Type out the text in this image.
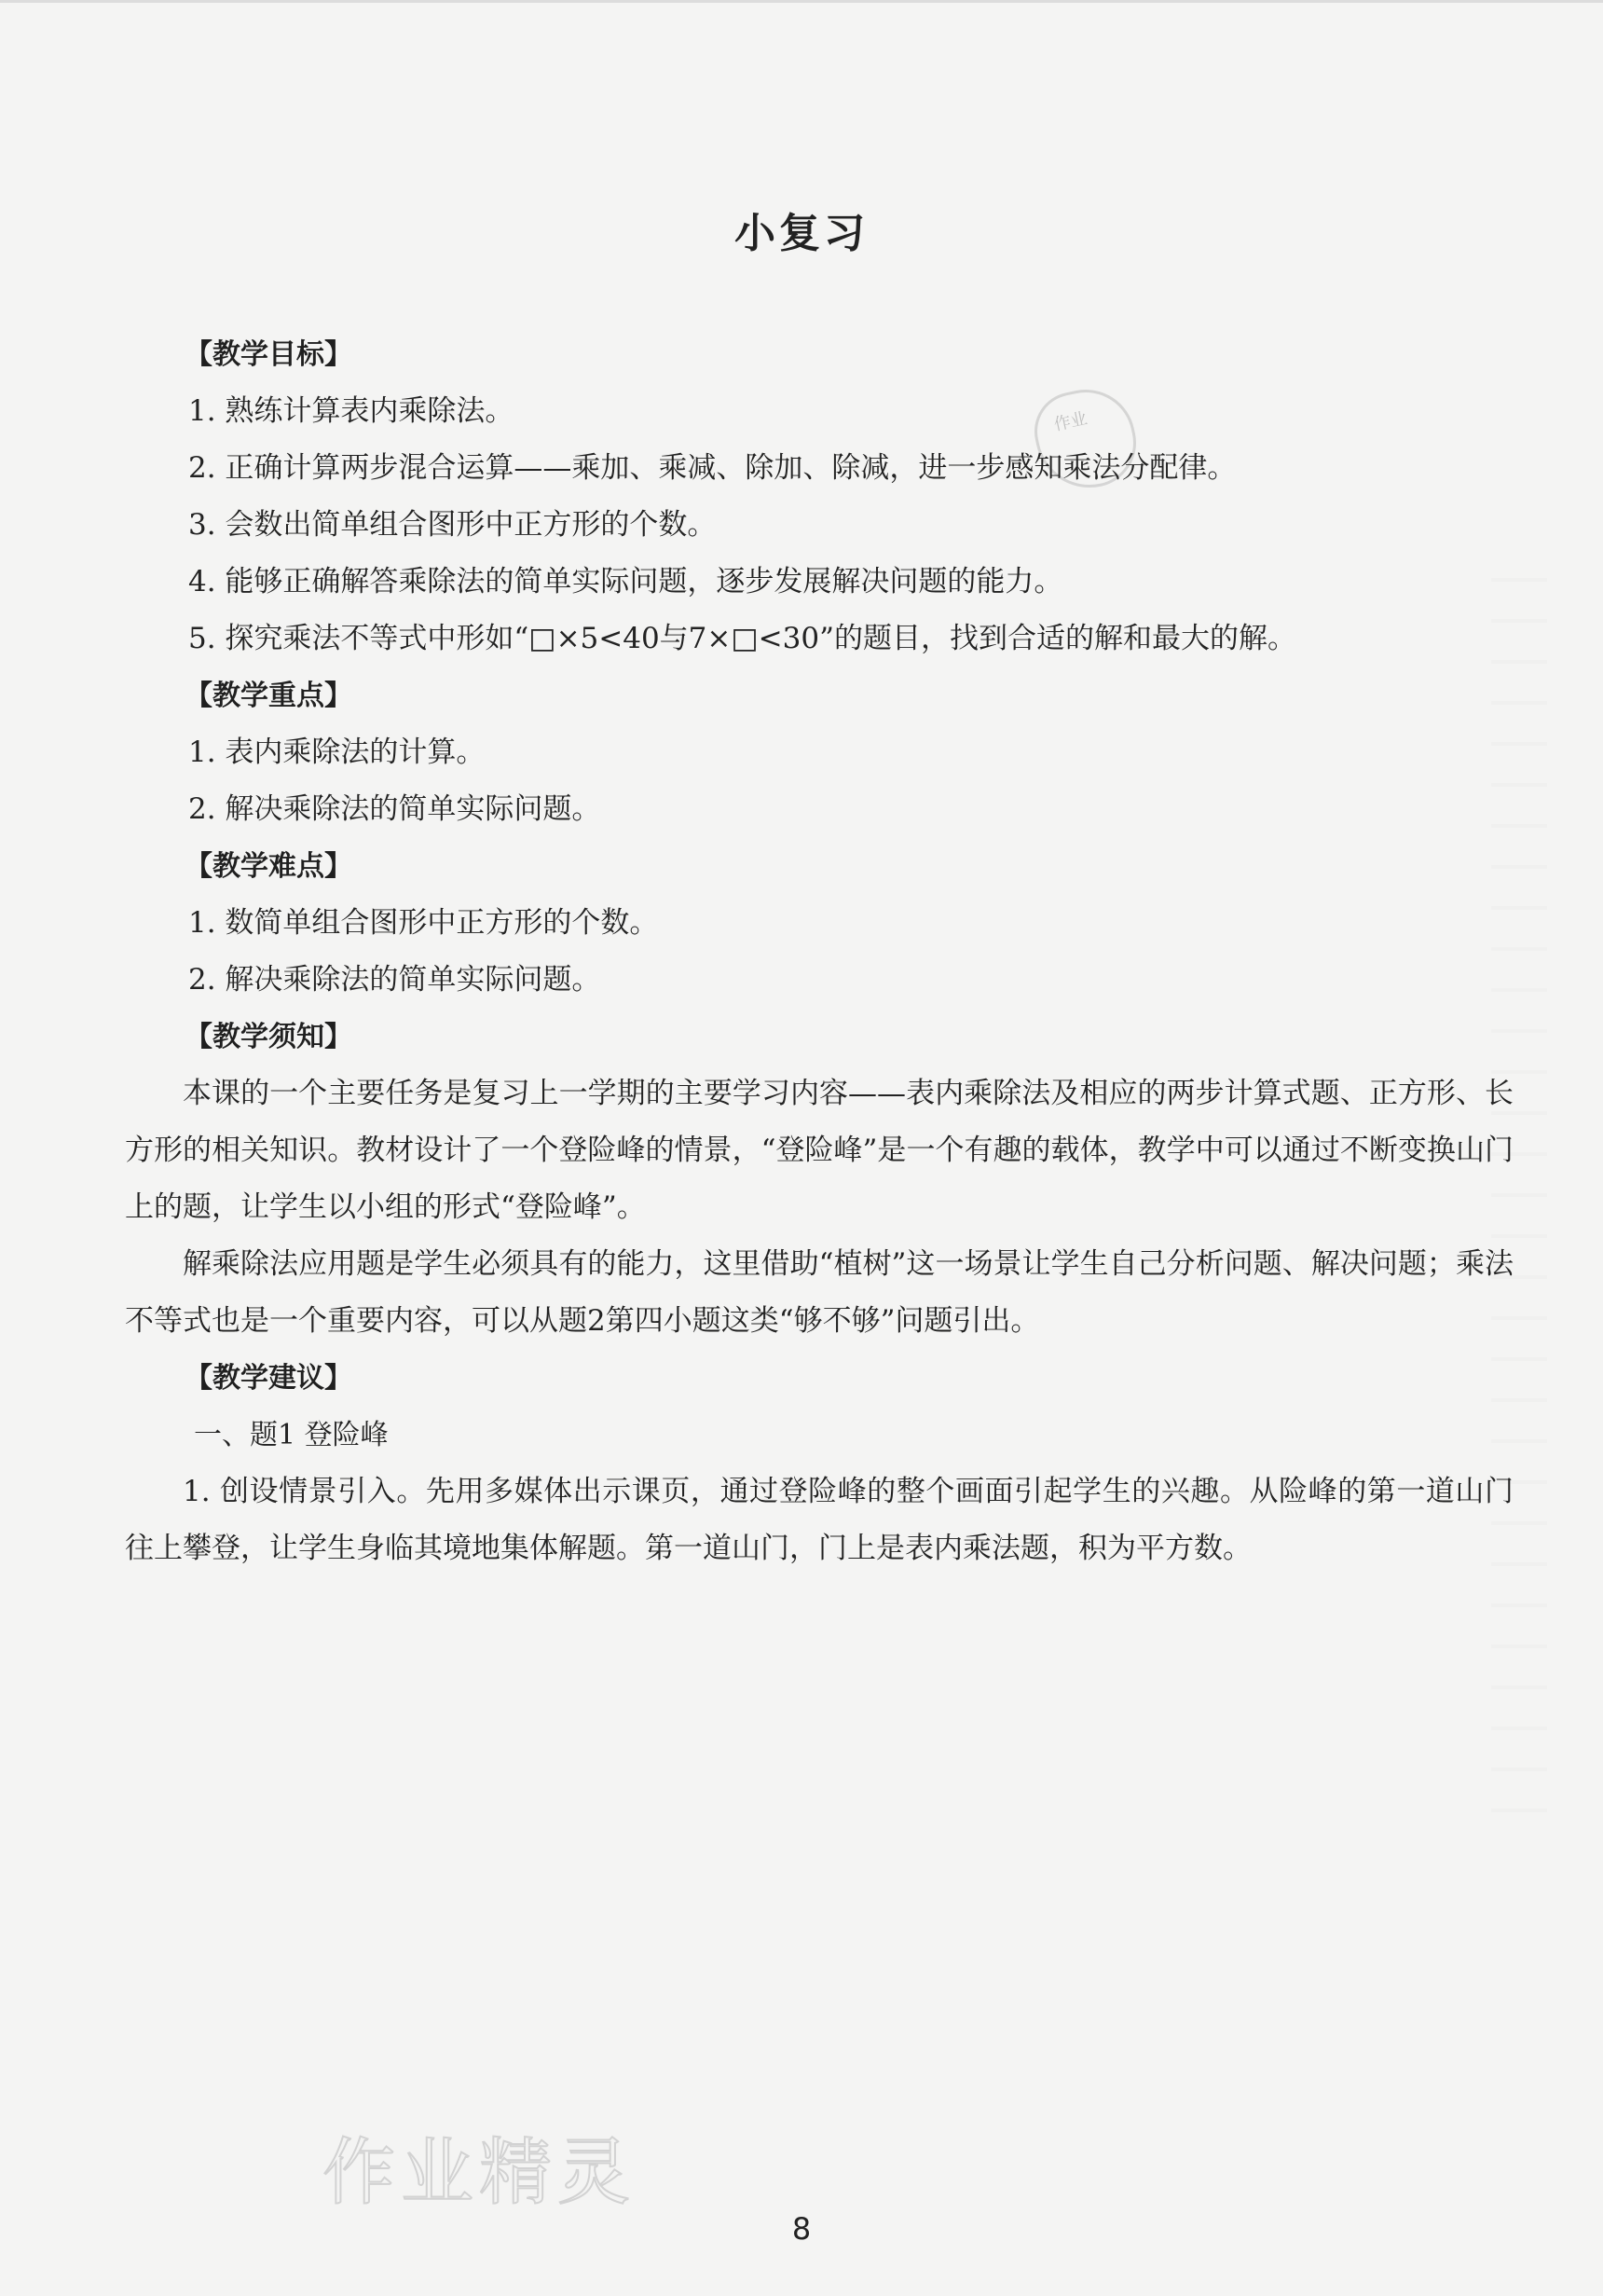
小复习
作业
【教学目标】
1. 熟练计算表内乘除法。
2. 正确计算两步混合运算——乘加、乘减、除加、除减，进一步感知乘法分配律。
3. 会数出简单组合图形中正方形的个数。
4. 能够正确解答乘除法的简单实际问题，逐步发展解决问题的能力。
5. 探究乘法不等式中形如“□×5<40与7×□<30”的题目，找到合适的解和最大的解。
【教学重点】
1. 表内乘除法的计算。
2. 解决乘除法的简单实际问题。
【教学难点】
1. 数简单组合图形中正方形的个数。
2. 解决乘除法的简单实际问题。
【教学须知】

本课的一个主要任务是复习上一学期的主要学习内容——表内乘除法及相应的两步计算式题、正方形、长方形的相关知识。教材设计了一个登险峰的情景，“登险峰”是一个有趣的载体，教学中可以通过不断变换山门上的题，让学生以小组的形式“登险峰”。

解乘除法应用题是学生必须具有的能力，这里借助“植树”这一场景让学生自己分析问题、解决问题；乘法不等式也是一个重要内容，可以从题2第四小题这类“够不够”问题引出。

【教学建议】
一、题1 登险峰

1. 创设情景引入。先用多媒体出示课页，通过登险峰的整个画面引起学生的兴趣。从险峰的第一道山门往上攀登，让学生身临其境地集体解题。第一道山门，门上是表内乘法题，积为平方数。

作业精灵
8
